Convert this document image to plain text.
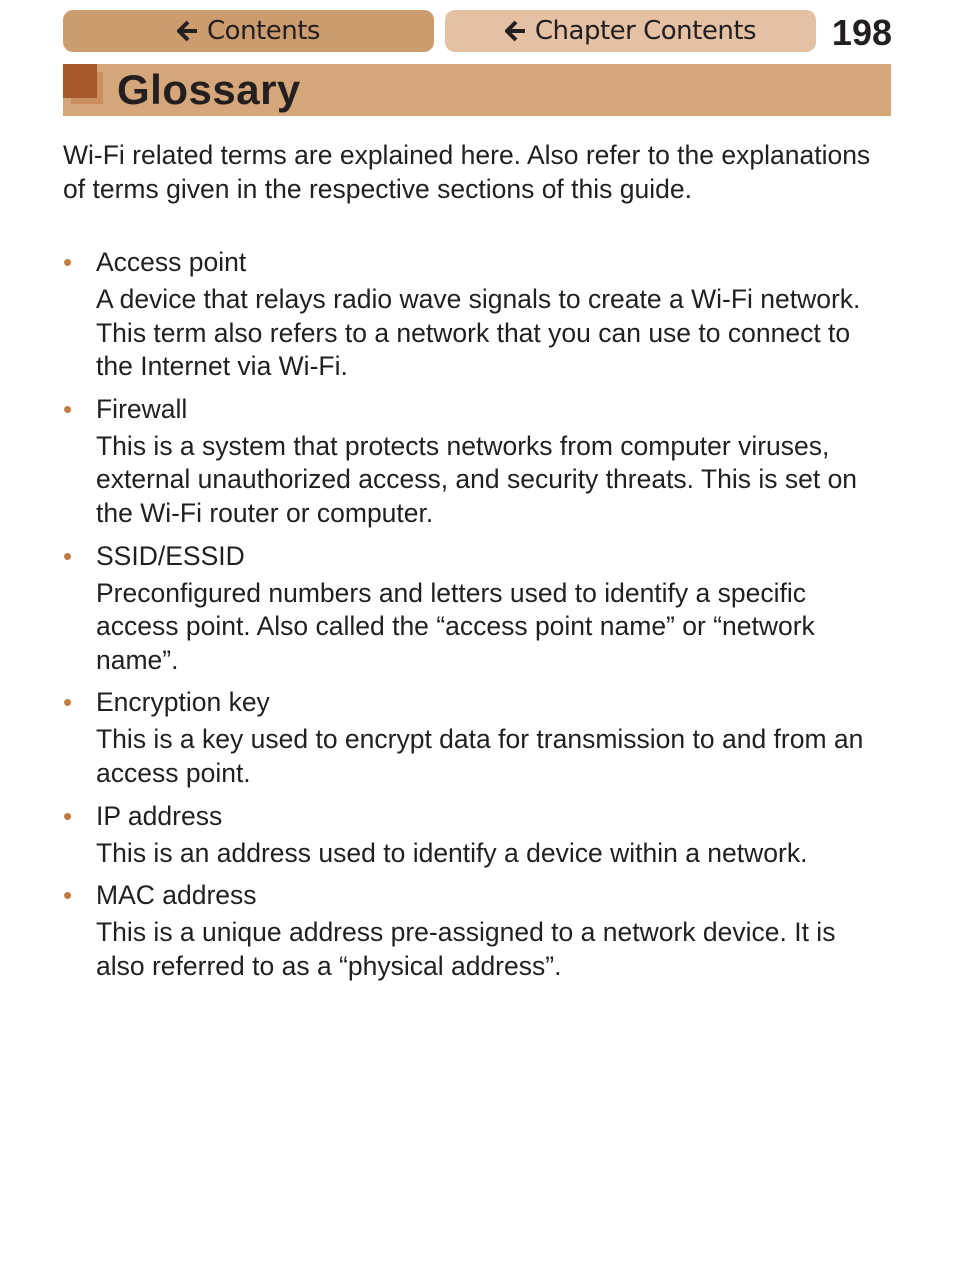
Contents	Chapter Contents 198
Glossary

Wi-Fi related terms are explained here. Also refer to the explanations of terms given in the respective sections of this guide.

• Access point

A device that relays radio wave signals to create a Wi-Fi network. This term also refers to a network that you can use to connect to the Internet via Wi-Fi.

• Firewall

This is a system that protects networks from computer viruses, external unauthorized access, and security threats. This is set on the Wi-Fi router or computer.

• SSID/ESSID

Preconfigured numbers and letters used to identify a specific access point. Also called the “access point name” or “network name”.

• Encryption key

This is a key used to encrypt data for transmission to and from an access point.

• IP address

This is an address used to identify a device within a network.

• MAC address

This is a unique address pre-assigned to a network device. It is also referred to as a “physical address”.
